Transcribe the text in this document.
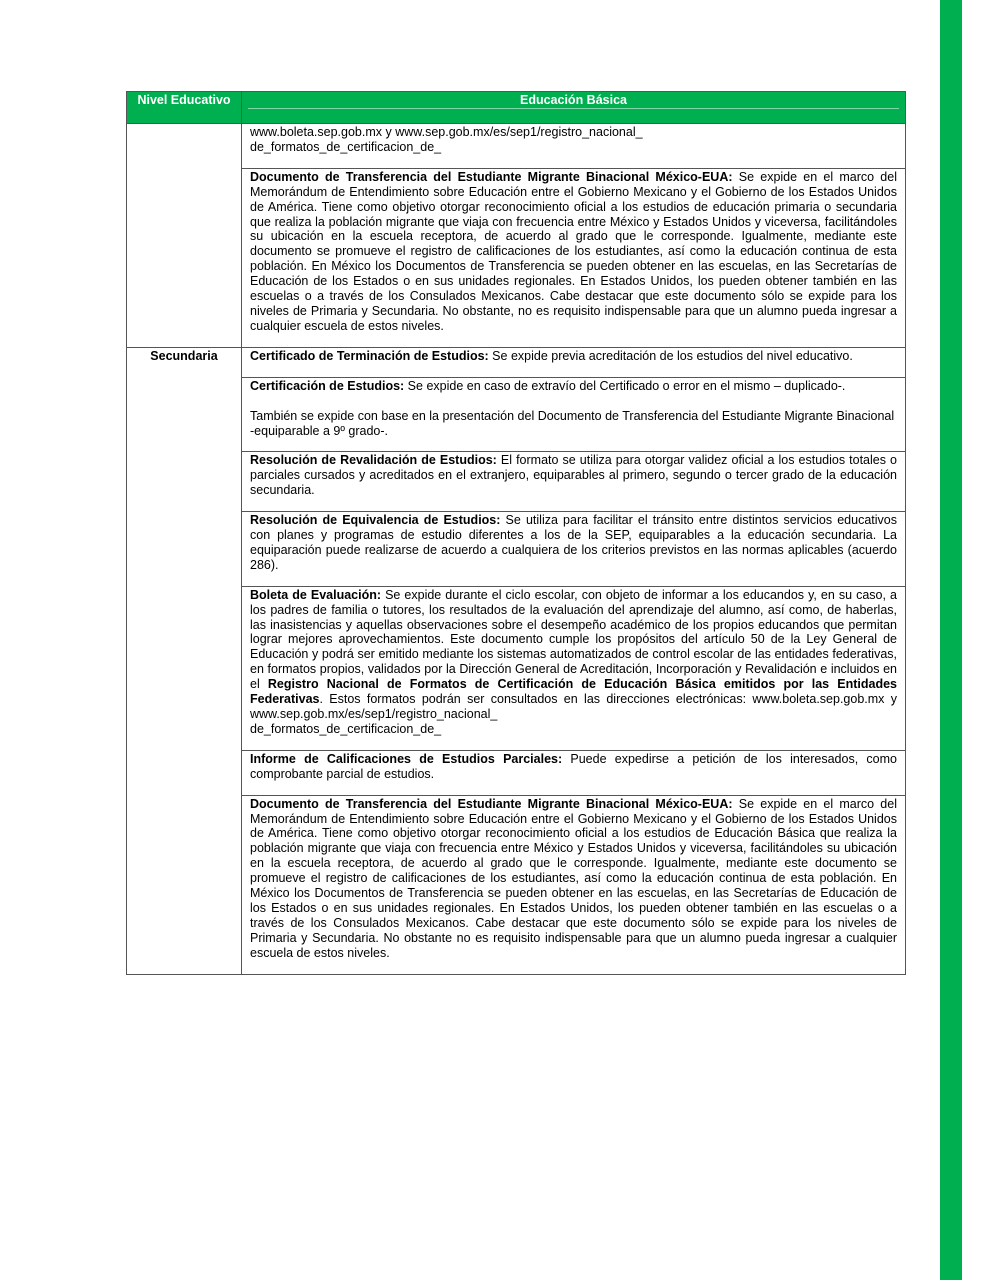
Nivel Educativo	Educación Básica

	www.boleta.sep.gob.mx y www.sep.gob.mx/es/sep1/registro_nacional_
de_formatos_de_certificacion_de_

	Documento de Transferencia del Estudiante Migrante Binacional México-EUA: Se expide en el marco del Memorándum de Entendimiento sobre Educación entre el Gobierno Mexicano y el Gobierno de los Estados Unidos de América. Tiene como objetivo otorgar reconocimiento oficial a los estudios de educación primaria o secundaria que realiza la población migrante que viaja con frecuencia entre México y Estados Unidos y viceversa, facilitándoles su ubicación en la escuela receptora, de acuerdo al grado que le corresponde. Igualmente, mediante este documento se promueve el registro de calificaciones de los estudiantes, así como la educación continua de esta población. En México los Documentos de Transferencia se pueden obtener en las escuelas, en las Secretarías de Educación de los Estados o en sus unidades regionales. En Estados Unidos, los pueden obtener también en las escuelas o a través de los Consulados Mexicanos. Cabe destacar que este documento sólo se expide para los niveles de Primaria y Secundaria. No obstante, no es requisito indispensable para que un alumno pueda ingresar a cualquier escuela de estos niveles.

Secundaria	Certificado de Terminación de Estudios: Se expide previa acreditación de los estudios del nivel educativo.

	Certificación de Estudios: Se expide en caso de extravío del Certificado o error en el mismo – duplicado-.

También se expide con base en la presentación del Documento de Transferencia del Estudiante Migrante Binacional -equiparable a 9º grado-.

	Resolución de Revalidación de Estudios: El formato se utiliza para otorgar validez oficial a los estudios totales o parciales cursados y acreditados en el extranjero, equiparables al primero, segundo o tercer grado de la educación secundaria.

	Resolución de Equivalencia de Estudios: Se utiliza para facilitar el tránsito entre distintos servicios educativos con planes y programas de estudio diferentes a los de la SEP, equiparables a la educación secundaria. La equiparación puede realizarse de acuerdo a cualquiera de los criterios previstos en las normas aplicables (acuerdo 286).

	Boleta de Evaluación: Se expide durante el ciclo escolar, con objeto de informar a los educandos y, en su caso, a los padres de familia o tutores, los resultados de la evaluación del aprendizaje del alumno, así como, de haberlas, las inasistencias y aquellas observaciones sobre el desempeño académico de los propios educandos que permitan lograr mejores aprovechamientos. Este documento cumple los propósitos del artículo 50 de la Ley General de Educación y podrá ser emitido mediante los sistemas automatizados de control escolar de las entidades federativas, en formatos propios, validados por la Dirección General de Acreditación, Incorporación y Revalidación e incluidos en el Registro Nacional de Formatos de Certificación de Educación Básica emitidos por las Entidades Federativas. Estos formatos podrán ser consultados en las direcciones electrónicas: www.boleta.sep.gob.mx y www.sep.gob.mx/es/sep1/registro_nacional_
de_formatos_de_certificacion_de_

	Informe de Calificaciones de Estudios Parciales: Puede expedirse a petición de los interesados, como comprobante parcial de estudios.

	Documento de Transferencia del Estudiante Migrante Binacional México-EUA: Se expide en el marco del Memorándum de Entendimiento sobre Educación entre el Gobierno Mexicano y el Gobierno de los Estados Unidos de América. Tiene como objetivo otorgar reconocimiento oficial a los estudios de Educación Básica que realiza la población migrante que viaja con frecuencia entre México y Estados Unidos y viceversa, facilitándoles su ubicación en la escuela receptora, de acuerdo al grado que le corresponde. Igualmente, mediante este documento se promueve el registro de calificaciones de los estudiantes, así como la educación continua de esta población. En México los Documentos de Transferencia se pueden obtener en las escuelas, en las Secretarías de Educación de los Estados o en sus unidades regionales. En Estados Unidos, los pueden obtener también en las escuelas o a través de los Consulados Mexicanos. Cabe destacar que este documento sólo se expide para los niveles de Primaria y Secundaria. No obstante no es requisito indispensable para que un alumno pueda ingresar a cualquier escuela de estos niveles.
